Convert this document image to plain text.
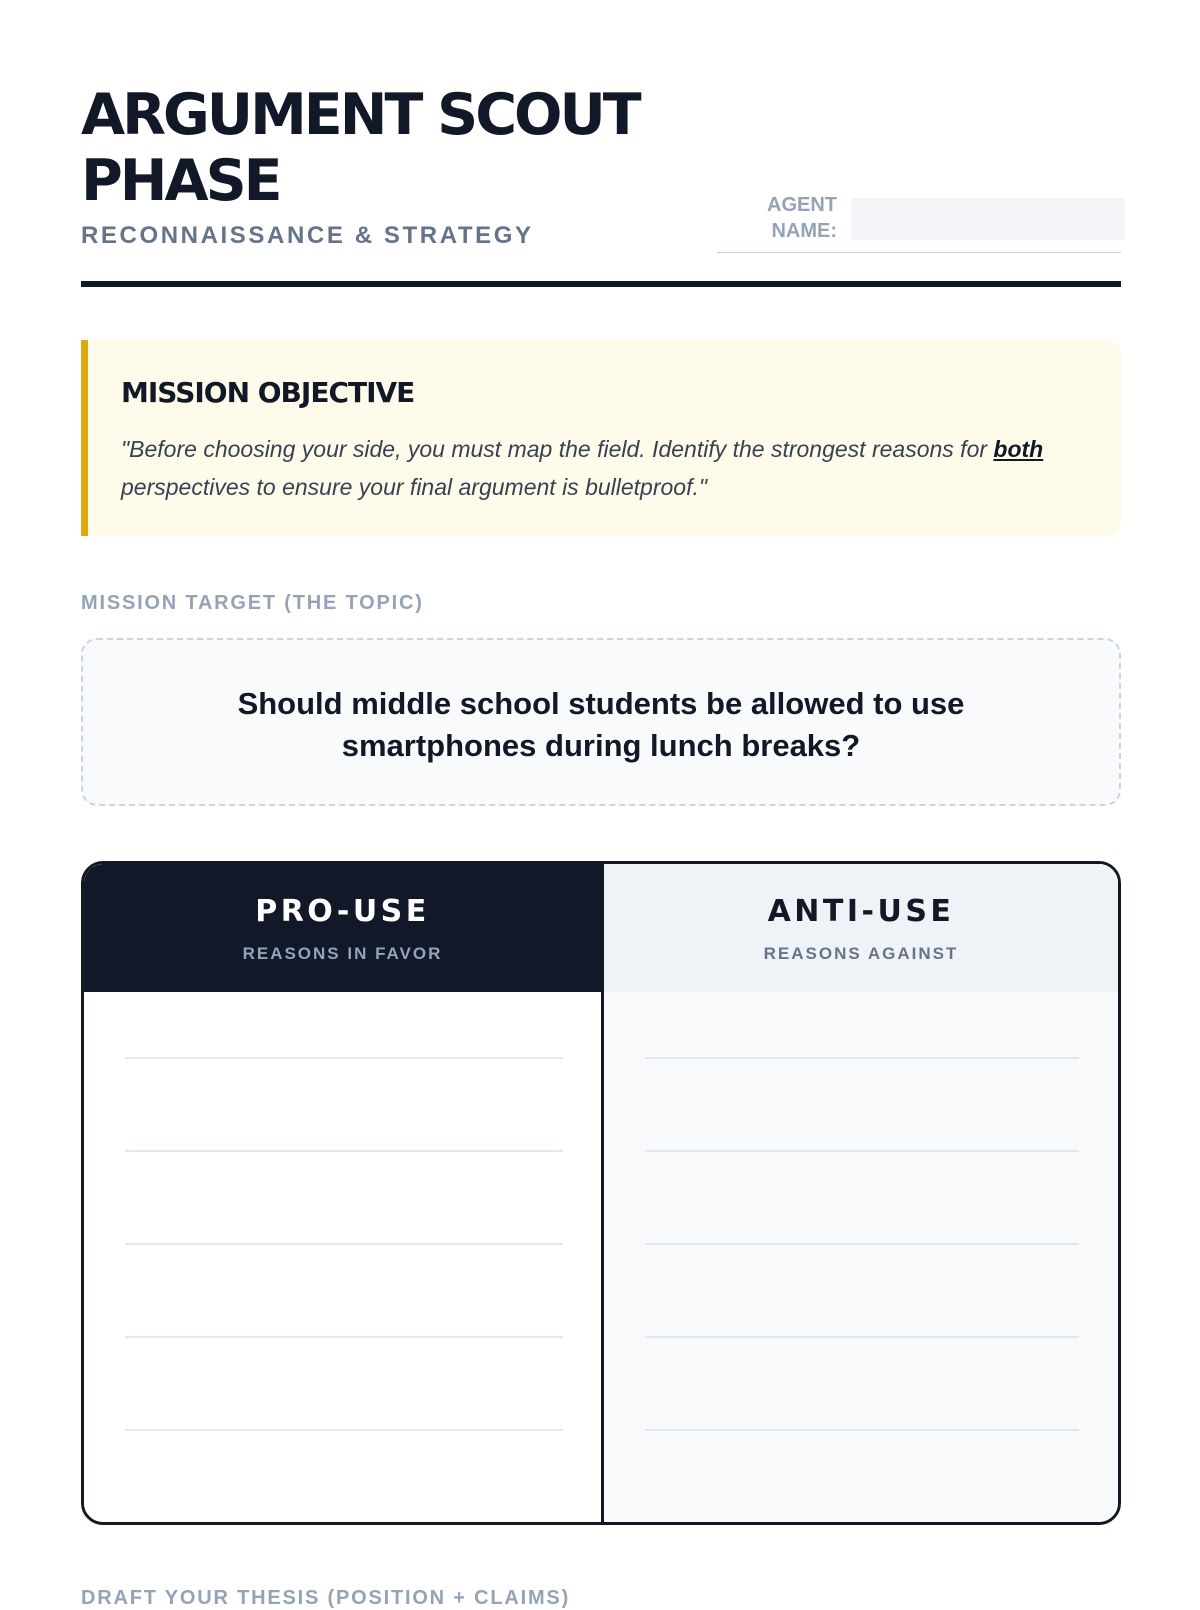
ARGUMENT SCOUT PHASE
RECONNAISSANCE & STRATEGY
AGENT NAME:
MISSION OBJECTIVE
"Before choosing your side, you must map the field. Identify the strongest reasons for both perspectives to ensure your final argument is bulletproof."
MISSION TARGET (THE TOPIC)
Should middle school students be allowed to use smartphones during lunch breaks?
PRO-USE
REASONS IN FAVOR
ANTI-USE
REASONS AGAINST
DRAFT YOUR THESIS (POSITION + CLAIMS)
